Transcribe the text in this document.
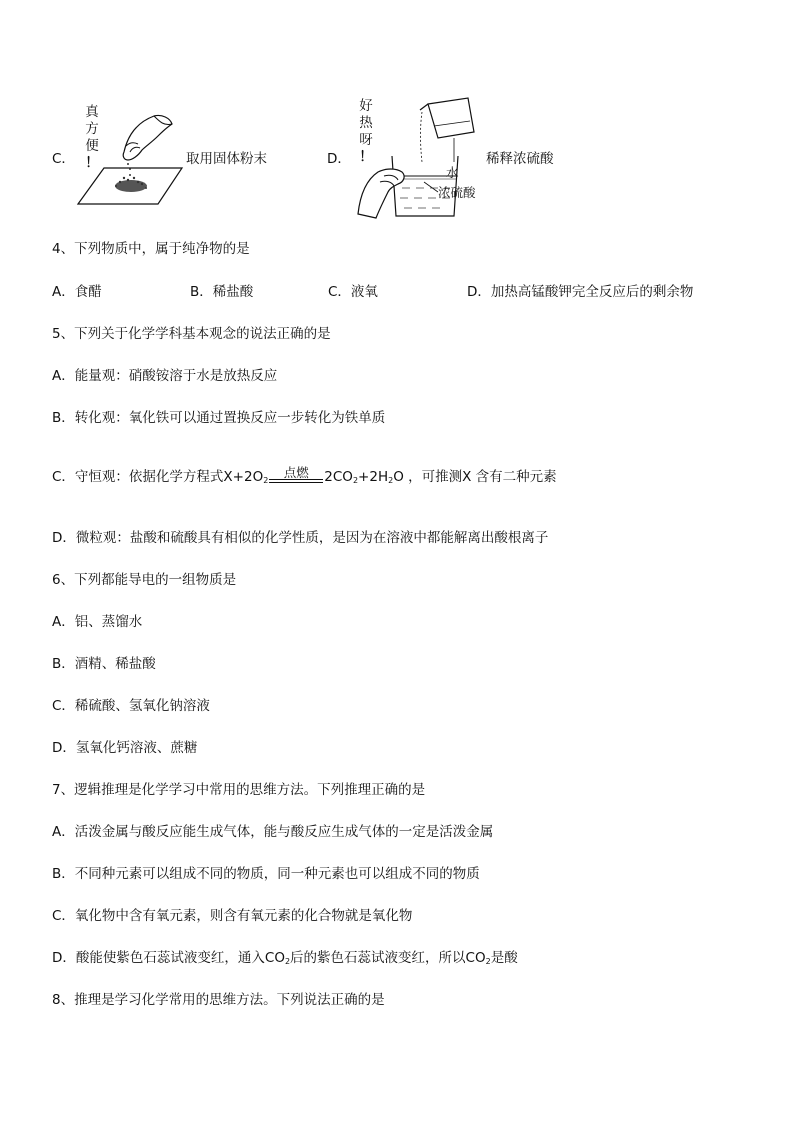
C．
真
方
便
！	取用固体粉末	D．
好
热
呀
！
水
浓硫酸
稀释浓硫酸
4、下列物质中，属于纯净物的是
A．食醋	B．稀盐酸	C．液氧	D．加热高锰酸钾完全反应后的剩余物
5、下列关于化学学科基本观念的说法正确的是
A．能量观：硝酸铵溶于水是放热反应
B．转化观：氧化铁可以通过置换反应一步转化为铁单质
C．守恒观：依据化学方程式$X+2O_2$
点燃	$2CO_2+2H_2O$ ，可推测X 含有二种元素
D．微粒观：盐酸和硫酸具有相似的化学性质，是因为在溶液中都能解离出酸根离子
6、下列都能导电的一组物质是
A．铝、蒸馏水
B．酒精、稀盐酸
C．稀硫酸、氢氧化钠溶液
D．氢氧化钙溶液、蔗糖
7、逻辑推理是化学学习中常用的思维方法。下列推理正确的是
A．活泼金属与酸反应能生成气体，能与酸反应生成气体的一定是活泼金属
B．不同种元素可以组成不同的物质，同一种元素也可以组成不同的物质
C．氧化物中含有氧元素，则含有氧元素的化合物就是氧化物
D．酸能使紫色石蕊试液变红，通入$CO_2$后的紫色石蕊试液变红，所以$CO_2$是酸
8、推理是学习化学常用的思维方法。下列说法正确的是
